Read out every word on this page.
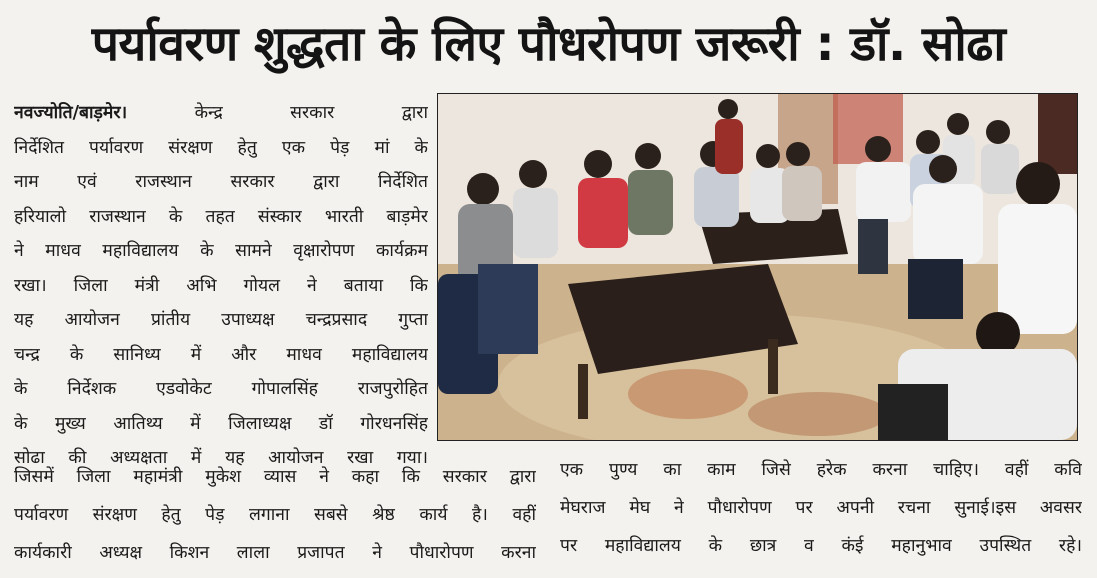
पर्यावरण शुद्धता के लिए पौधरोपण जरूरी : डॉ. सोढा
नवज्योति/बाड़मेर। केन्द्र सरकार द्वारा
निर्देशित पर्यावरण संरक्षण हेतु एक पेड़ मां के
नाम एवं राजस्थान सरकार द्वारा निर्देशित
हरियालो राजस्थान के तहत संस्कार भारती बाड़मेर
ने माधव महाविद्यालय के सामने वृक्षारोपण कार्यक्रम
रखा। जिला मंत्री अभि गोयल ने बताया कि
यह आयोजन प्रांतीय उपाध्यक्ष चन्द्रप्रसाद गुप्ता
चन्द्र के सानिध्य में और माधव महाविद्यालय
के निर्देशक एडवोकेट गोपालसिंह राजपुरोहित
के मुख्य आतिथ्य में जिलाध्यक्ष डॉ गोरधनसिंह
सोढा की अध्यक्षता में यह आयोजन रखा गया।
जिसमें जिला महामंत्री मुकेश व्यास ने कहा कि सरकार द्वारा
पर्यावरण संरक्षण हेतु पेड़ लगाना सबसे श्रेष्ठ कार्य है। वहीं
कार्यकारी अध्यक्ष किशन लाला प्रजापत ने पौधारोपण करना
एक पुण्य का काम जिसे हरेक करना चाहिए। वहीं कवि
मेघराज मेघ ने पौधारोपण पर अपनी रचना सुनाई।इस अवसर
पर महाविद्यालय के छात्र व कंई महानुभाव उपस्थित रहे।
